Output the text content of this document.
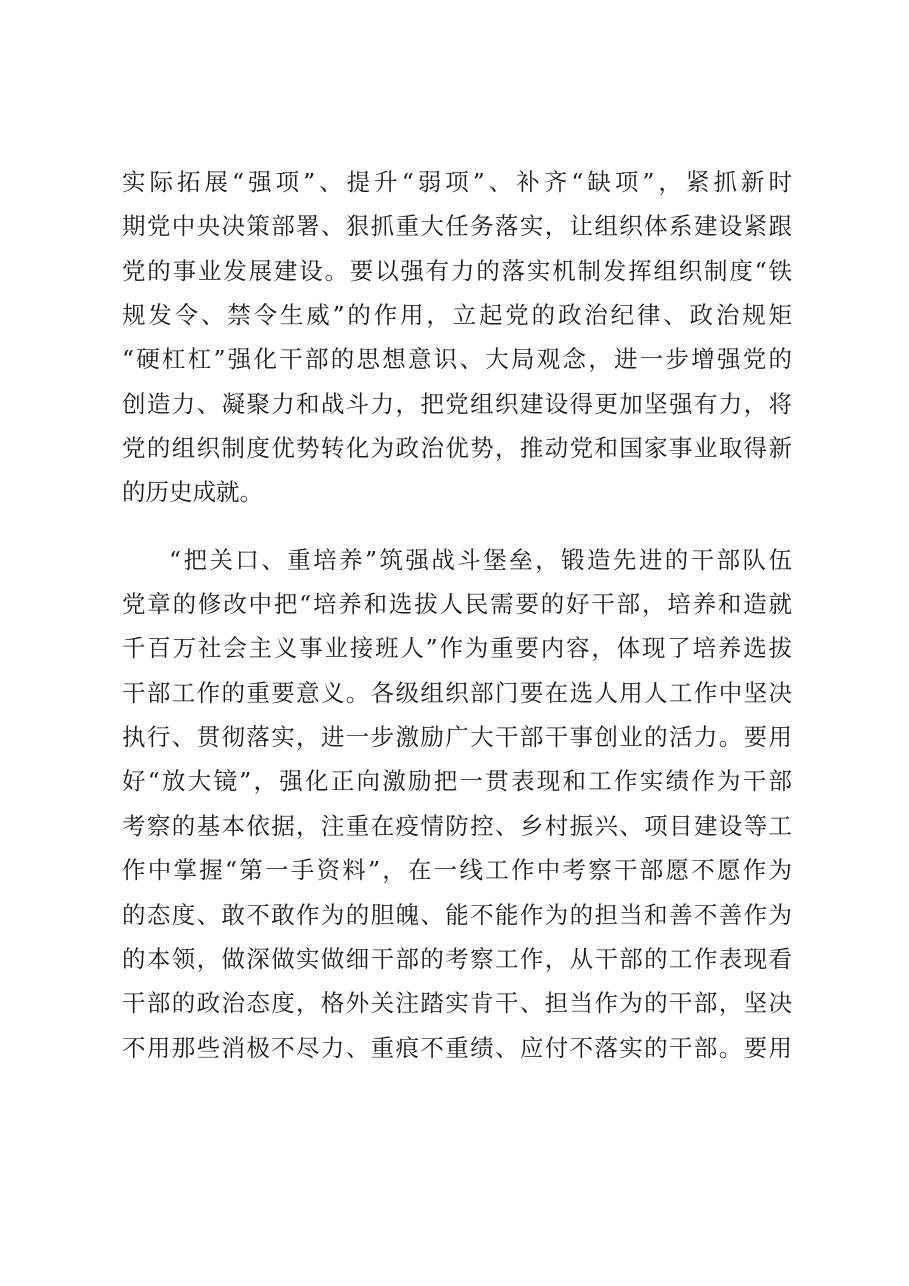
实际拓展“强项”、提升“弱项”、补齐“缺项”，紧抓新时
期党中央决策部署、狠抓重大任务落实，让组织体系建设紧跟
党的事业发展建设。要以强有力的落实机制发挥组织制度“铁
规发令、禁令生威”的作用，立起党的政治纪律、政治规矩
“硬杠杠”强化干部的思想意识、大局观念，进一步增强党的
创造力、凝聚力和战斗力，把党组织建设得更加坚强有力，将
党的组织制度优势转化为政治优势，推动党和国家事业取得新
的历史成就。
“把关口、重培养”筑强战斗堡垒，锻造先进的干部队伍
党章的修改中把“培养和选拔人民需要的好干部，培养和造就
千百万社会主义事业接班人”作为重要内容，体现了培养选拔
干部工作的重要意义。各级组织部门要在选人用人工作中坚决
执行、贯彻落实，进一步激励广大干部干事创业的活力。要用
好“放大镜”，强化正向激励把一贯表现和工作实绩作为干部
考察的基本依据，注重在疫情防控、乡村振兴、项目建设等工
作中掌握“第一手资料”，在一线工作中考察干部愿不愿作为
的态度、敢不敢作为的胆魄、能不能作为的担当和善不善作为
的本领，做深做实做细干部的考察工作，从干部的工作表现看
干部的政治态度，格外关注踏实肯干、担当作为的干部，坚决
不用那些消极不尽力、重痕不重绩、应付不落实的干部。要用
